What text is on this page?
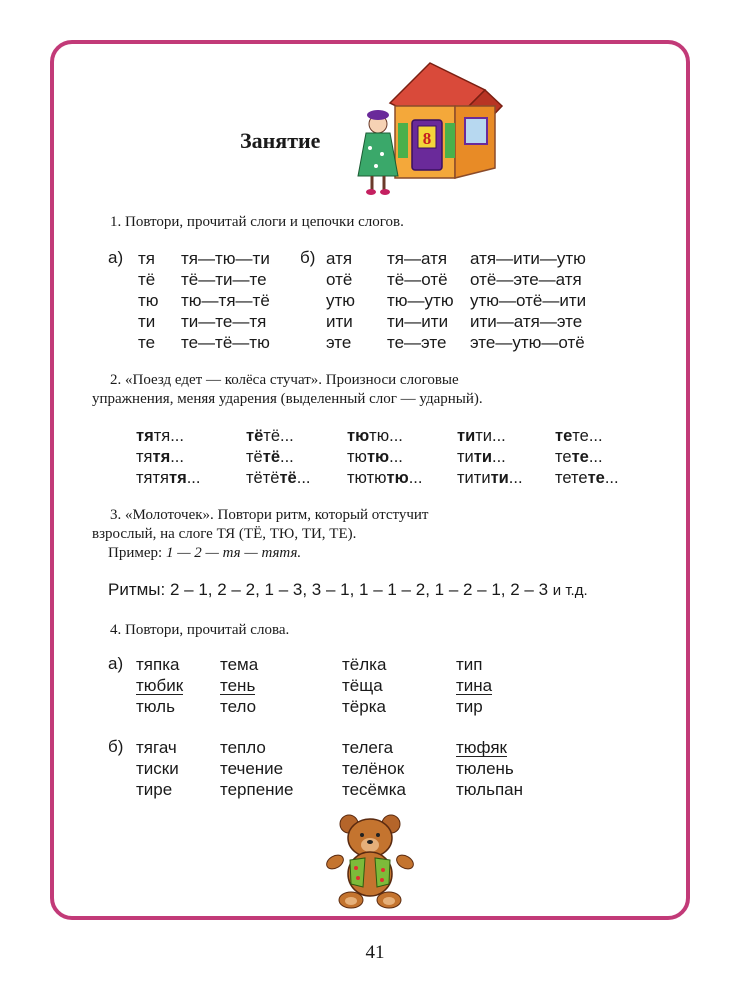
8
Занятие
1. Повтори, прочитай слоги и цепочки слогов.
а) тя
тё
тю
ти
те
тя—тю—ти
тё—ти—те
тю—тя—тё
ти—те—тя
те—тё—тю
б) атя
отё
утю
ити
эте
тя—атя
тё—отё
тю—утю
ти—ити
те—эте
атя—ити—утю
отё—эте—атя
утю—отё—ити
ити—атя—эте
эте—утю—отё
2. «Поезд едет — колёса стучат». Произноси слоговые
упражнения, меняя ударения (выделенный слог — ударный).
тятя...
тятя...
тятятя...
тётё...
тётё...
тётётё...
тютю...
тютю...
тютютю...
тити...
тити...
титити...
тете...
тете...
тетете...
3. «Молоточек». Повтори ритм, который отстучит
взрослый, на слоге ТЯ (ТЁ, ТЮ, ТИ, ТЕ).
Пример: 1 — 2 — тя — тятя.
Ритмы: 2 – 1, 2 – 2, 1 – 3, 3 – 1, 1 – 1 – 2, 1 – 2 – 1, 2 – 3 и т.д.
4. Повтори, прочитай слова.
а) тяпка
тюбик
тюль
тема
тень
тело
тёлка
тёща
тёрка
тип
тина
тир
б) тягач
тиски
тире
тепло
течение
терпение
телега
телёнок
тесёмка
тюфяк
тюлень
тюльпан
41
